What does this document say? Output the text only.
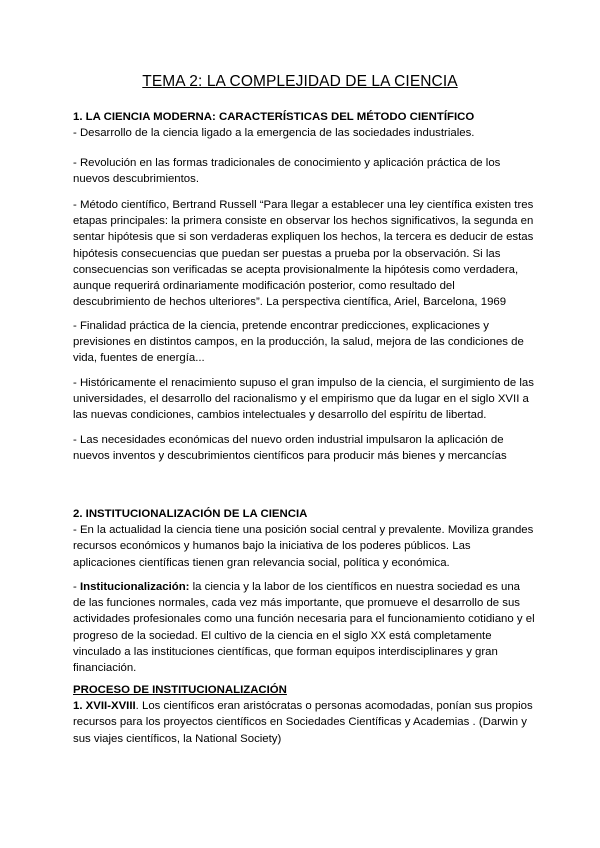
TEMA 2: LA COMPLEJIDAD DE LA CIENCIA

1. LA CIENCIA MODERNA: CARACTERÍSTICAS DEL MÉTODO CIENTÍFICO

- Desarrollo de la ciencia ligado a la emergencia de las sociedades industriales.

- Revolución en las formas tradicionales de conocimiento y aplicación práctica de los nuevos descubrimientos.

- Método científico, Bertrand Russell “Para llegar a establecer una ley científica existen tres etapas principales: la primera consiste en observar los hechos significativos, la segunda en sentar hipótesis que si son verdaderas expliquen los hechos, la tercera es deducir de estas hipótesis consecuencias que puedan ser puestas a prueba por la observación. Si las consecuencias son verificadas se acepta provisionalmente la hipótesis como verdadera, aunque requerirá ordinariamente modificación posterior, como resultado del descubrimiento de hechos ulteriores”. La perspectiva científica, Ariel, Barcelona, 1969

- Finalidad práctica de la ciencia, pretende encontrar predicciones, explicaciones y previsiones en distintos campos, en la producción, la salud, mejora de las condiciones de vida, fuentes de energía...

- Históricamente el renacimiento supuso el gran impulso de la ciencia, el surgimiento de las universidades, el desarrollo del racionalismo y el empirismo que da lugar en el siglo XVII a las nuevas condiciones, cambios intelectuales y desarrollo del espíritu de libertad.

- Las necesidades económicas del nuevo orden industrial impulsaron la aplicación de nuevos inventos y descubrimientos científicos para producir más bienes y mercancías

2. INSTITUCIONALIZACIÓN DE LA CIENCIA

- En la actualidad la ciencia tiene una posición social central y prevalente. Moviliza grandes recursos económicos y humanos bajo la iniciativa de los poderes públicos. Las aplicaciones científicas tienen gran relevancia social, política y económica.

- Institucionalización: la ciencia y la labor de los científicos en nuestra sociedad es una de las funciones normales, cada vez más importante, que promueve el desarrollo de sus actividades profesionales como una función necesaria para el funcionamiento cotidiano y el progreso de la sociedad. El cultivo de la ciencia en el siglo XX está completamente vinculado a las instituciones científicas, que forman equipos interdisciplinares y gran financiación.

PROCESO DE INSTITUCIONALIZACIÓN

1. XVII-XVIII. Los científicos eran aristócratas o personas acomodadas, ponían sus propios recursos para los proyectos científicos en Sociedades Científicas y Academias . (Darwin y sus viajes científicos, la National Society)
